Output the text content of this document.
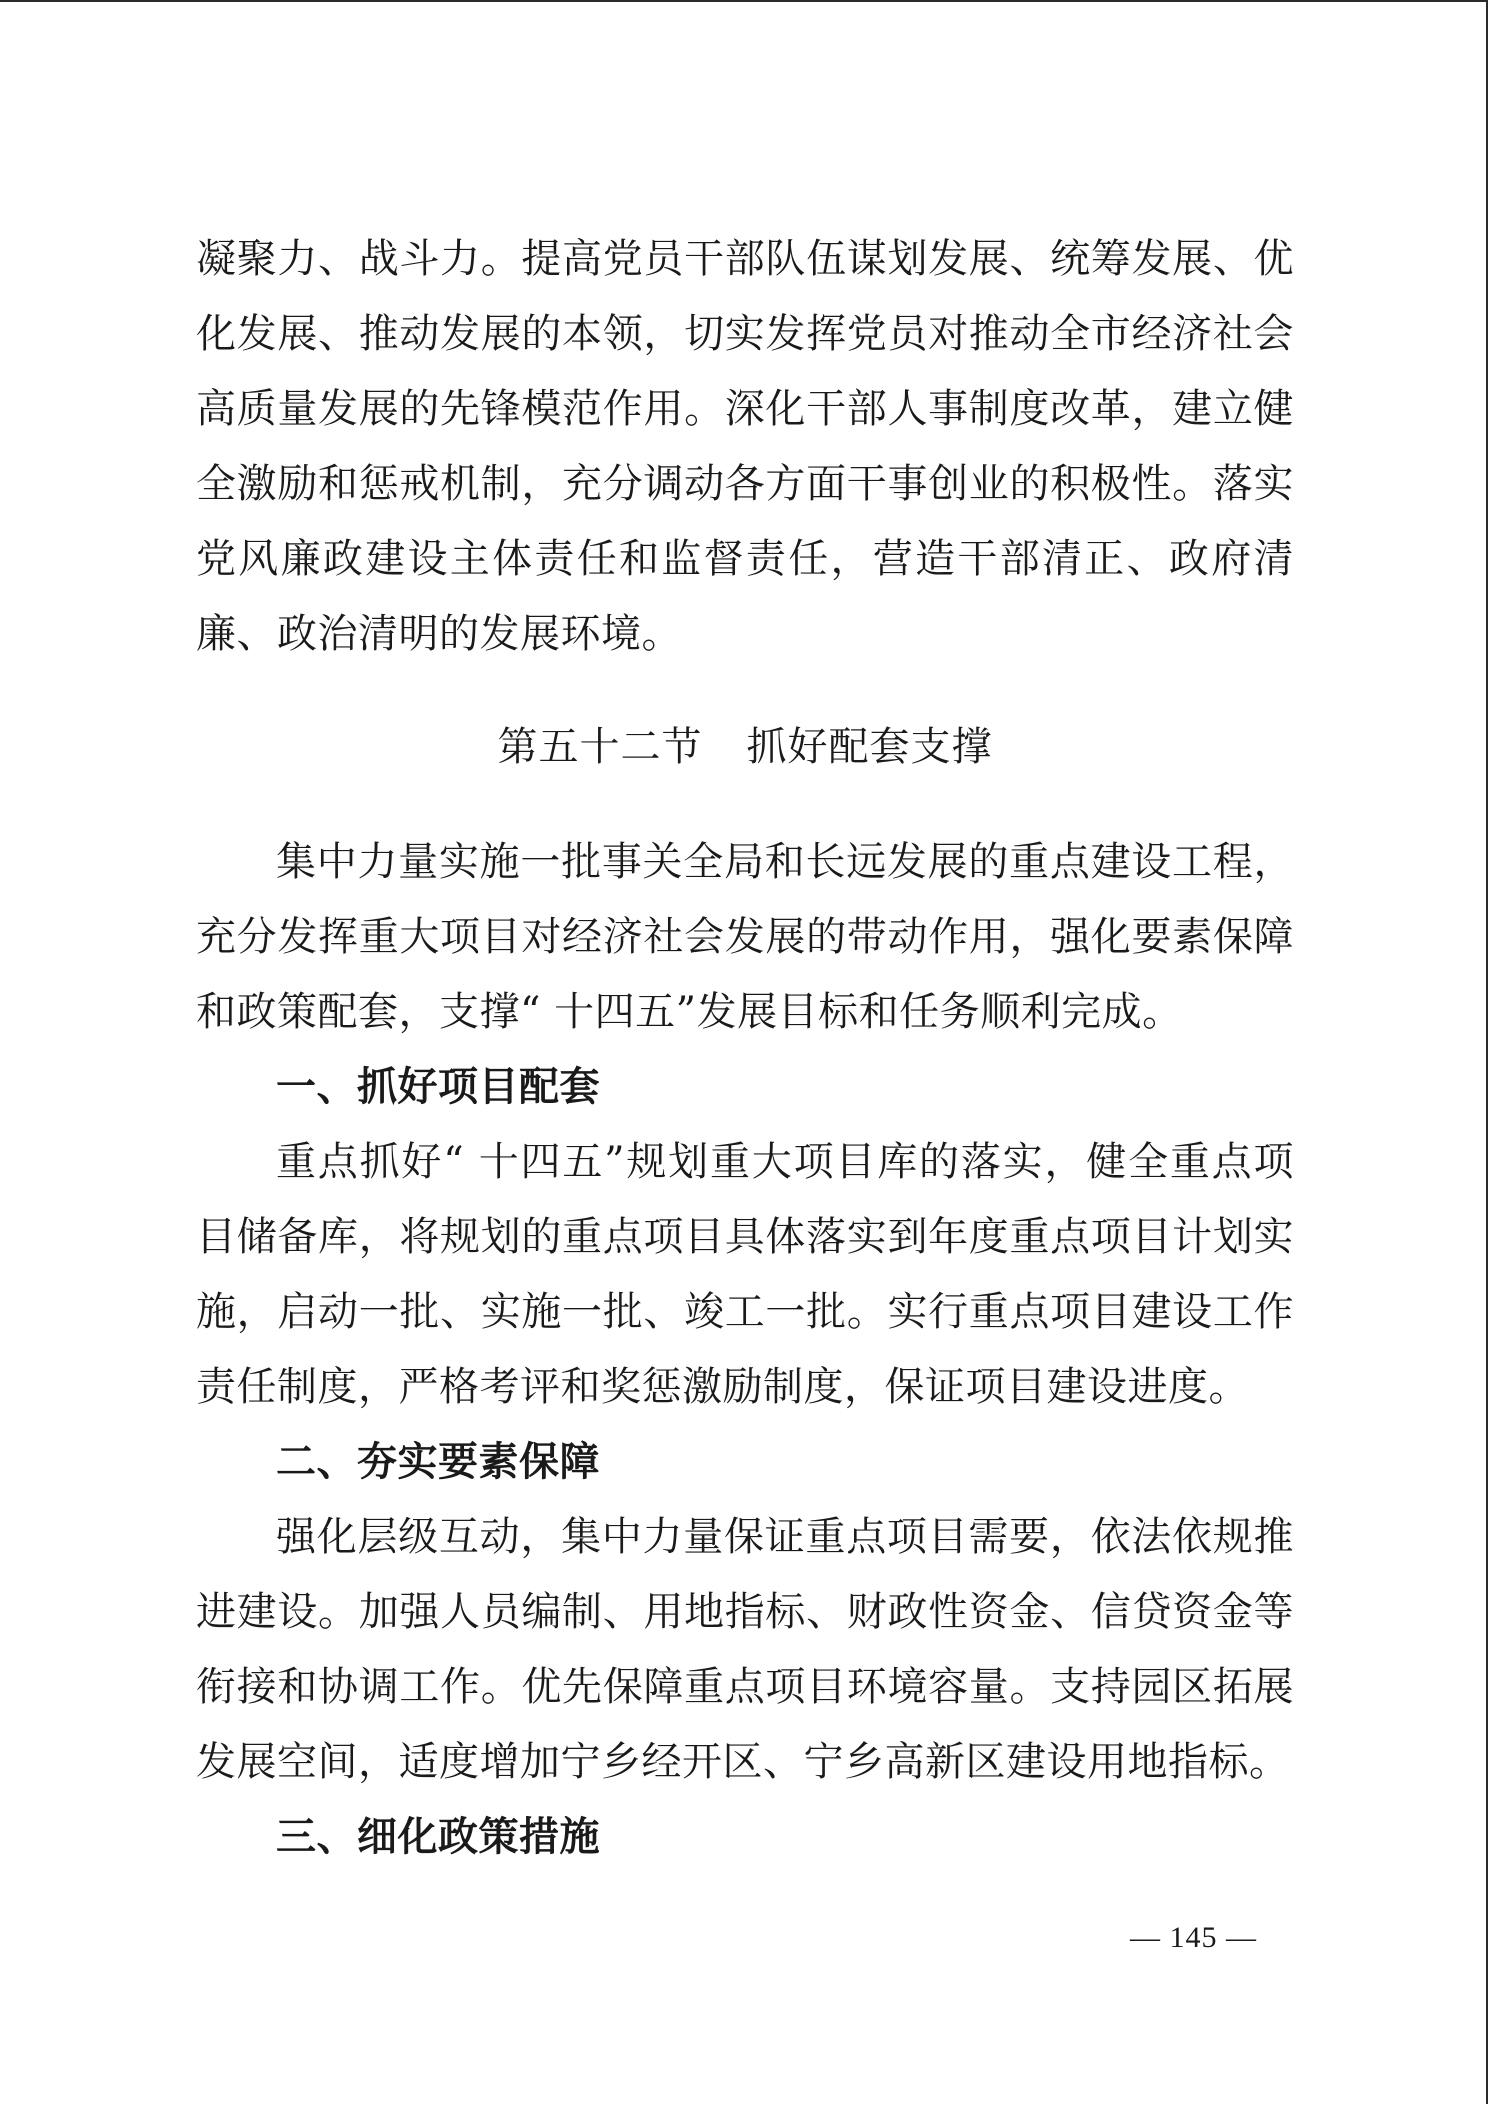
凝聚力、战斗力。提高党员干部队伍谋划发展、统筹发展、优化发展、推动发展的本领，切实发挥党员对推动全市经济社会高质量发展的先锋模范作用。深化干部人事制度改革，建立健全激励和惩戒机制，充分调动各方面干事创业的积极性。落实党风廉政建设主体责任和监督责任，营造干部清正、政府清廉、政治清明的发展环境。
第五十二节 抓好配套支撑

集中力量实施一批事关全局和长远发展的重点建设工程，充分发挥重大项目对经济社会发展的带动作用，强化要素保障和政策配套，支撑“ 十四五”发展目标和任务顺利完成。

一、抓好项目配套

重点抓好“ 十四五”规划重大项目库的落实，健全重点项目储备库，将规划的重点项目具体落实到年度重点项目计划实施，启动一批、实施一批、竣工一批。实行重点项目建设工作责任制度，严格考评和奖惩激励制度，保证项目建设进度。

二、夯实要素保障

强化层级互动，集中力量保证重点项目需要，依法依规推进建设。加强人员编制、用地指标、财政性资金、信贷资金等衔接和协调工作。优先保障重点项目环境容量。支持园区拓展发展空间，适度增加宁乡经开区、宁乡高新区建设用地指标。

三、细化政策措施

— 145 —
